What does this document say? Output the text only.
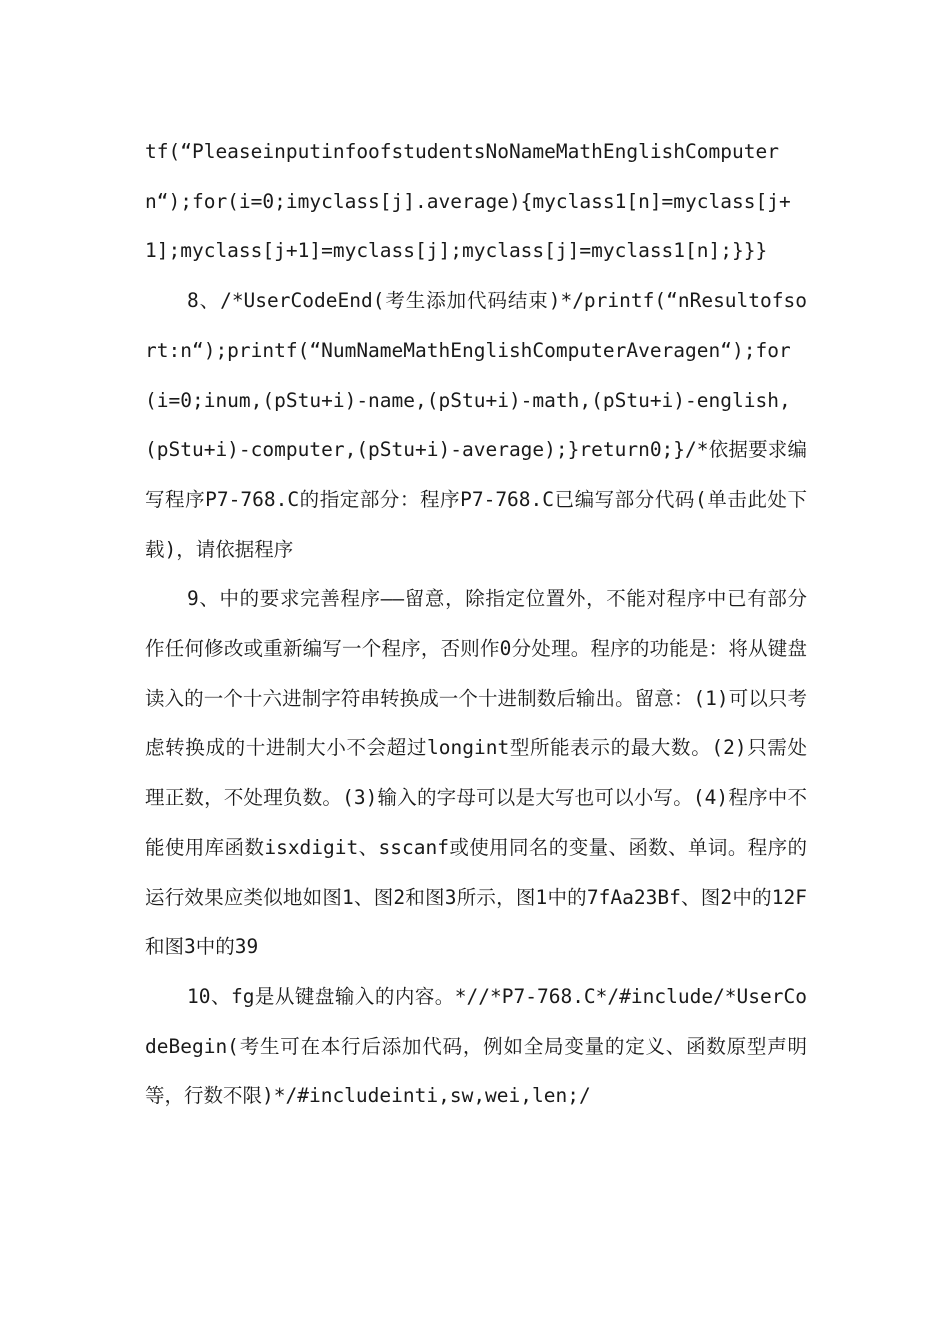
tf(“PleaseinputinfoofstudentsNoNameMathEnglishComputern“);for(i=0;imyclass[j].average){myclass1[n]=myclass[j+1];myclass[j+1]=myclass[j];myclass[j]=myclass1[n];}}}

8、/*UserCodeEnd(考生添加代码结束)*/printf(“nResultofsort:n“);printf(“NumNameMathEnglishComputerAveragen“);for(i=0;inum,(pStu+i)-name,(pStu+i)-math,(pStu+i)-english,(pStu+i)-computer,(pStu+i)-average);}return0;}/*依据要求编写程序P7-768.C的指定部分：程序P7-768.C已编写部分代码(单击此处下载)，请依据程序

9、中的要求完善程序——留意，除指定位置外，不能对程序中已有部分作任何修改或重新编写一个程序，否则作0分处理。程序的功能是：将从键盘读入的一个十六进制字符串转换成一个十进制数后输出。留意：(1)可以只考虑转换成的十进制大小不会超过longint型所能表示的最大数。(2)只需处理正数，不处理负数。(3)输入的字母可以是大写也可以小写。(4)程序中不能使用库函数isxdigit、sscanf或使用同名的变量、函数、单词。程序的运行效果应类似地如图1、图2和图3所示，图1中的7fAa23Bf、图2中的12F和图3中的39

10、fg是从键盘输入的内容。*//*P7-768.C*/#include/*UserCodeBegin(考生可在本行后添加代码，例如全局变量的定义、函数原型声明等，行数不限)*/#includeinti,sw,wei,len;/
